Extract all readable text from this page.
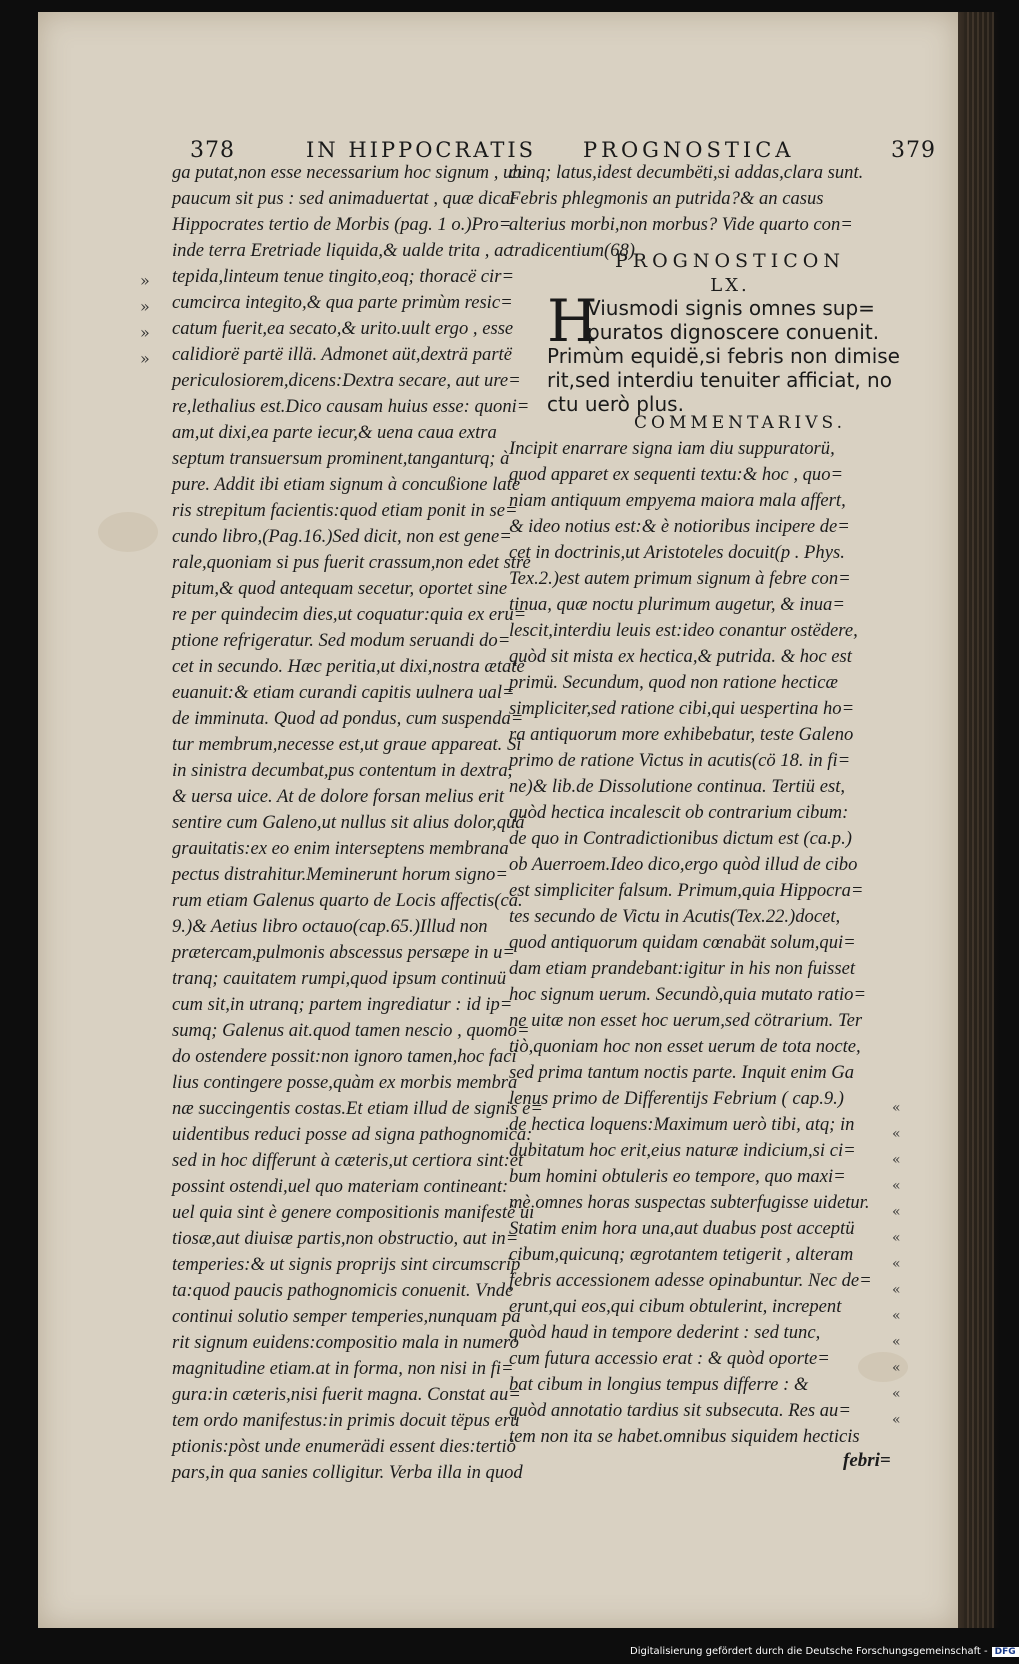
378	IN HIPPOCRATIS PROGNOSTICA	379
ga putat,non esse necessarium hoc signum , ubi
paucum sit pus : sed animaduertat , quæ dicat
Hippocrates tertio de Morbis (pag. 1 o.)Pro=
inde terra Eretriade liquida,& ualde trita , ac
tepida,linteum tenue tingito,eoq; thoracë cir=
cumcirca integito,& qua parte primùm resic=
catum fuerit,ea secato,& urito.uult ergo , esse
calidiorë partë illä. Admonet aüt,dexträ partë
periculosiorem,dicens:Dextra secare, aut ure=
re,lethalius est.Dico causam huius esse: quoni=
am,ut dixi,ea parte iecur,& uena caua extra
septum transuersum prominent,tanganturq; à
pure. Addit ibi etiam signum à concußione late
ris strepitum facientis:quod etiam ponit in se=
cundo libro,(Pag.16.)Sed dicit, non est gene=
rale,quoniam si pus fuerit crassum,non edet stre
pitum,& quod antequam secetur, oportet sine
re per quindecim dies,ut coquatur:quia ex eru=
ptione refrigeratur. Sed modum seruandi do=
cet in secundo. Hæc peritia,ut dixi,nostra ætate
euanuit:& etiam curandi capitis uulnera ual=
de imminuta. Quod ad pondus, cum suspenda=
tur membrum,necesse est,ut graue appareat. Si
in sinistra decumbat,pus contentum in dextra,
& uersa uice. At de dolore forsan melius erit
sentire cum Galeno,ut nullus sit alius dolor,quä
grauitatis:ex eo enim interseptens membrana
pectus distrahitur.Meminerunt horum signo=
rum etiam Galenus quarto de Locis affectis(ca.
9.)& Aetius libro octauo(cap.65.)Illud non
prætercam,pulmonis abscessus persæpe in u=
tranq; cauitatem rumpi,quod ipsum continuü
cum sit,in utranq; partem ingrediatur : id ip=
sumq; Galenus ait.quod tamen nescio , quomo=
do ostendere possit:non ignoro tamen,hoc faci
lius contingere posse,quàm ex morbis membra
næ succingentis costas.Et etiam illud de signis e=
uidentibus reduci posse ad signa pathognomica:
sed in hoc differunt à cæteris,ut certiora sint:et
possint ostendi,uel quo materiam contineant:
uel quia sint è genere compositionis manifestè ui
tiosæ,aut diuisæ partis,non obstructio, aut in=
temperies:& ut signis proprijs sint circumscrip
ta:quod paucis pathognomicis conuenit. Vnde
continui solutio semper temperies,nunquam pa
rit signum euidens:compositio mala in numero
magnitudine etiam.at in forma, non nisi in fi=
gura:in cæteris,nisi fuerit magna. Constat au=
tem ordo manifestus:in primis docuit tëpus eru
ptionis:pòst unde enumerädi essent dies:tertiò
pars,in qua sanies colligitur. Verba illa in quod
»
»
»
»
cunq; latus,idest decumbëti,si addas,clara sunt.
Febris phlegmonis an putrida?& an casus
alterius morbi,non morbus? Vide quarto con=
tradicentium(68).
PROGNOSTICON
LX.
H
Viusmodi signis omnes sup=
puratos dignoscere conuenit.
Primùm equidë,si febris non dimise
rit,sed interdiu tenuiter afficiat, no
ctu uerò plus.
COMMENTARIVS.
Incipit enarrare signa iam diu suppuratorü,
quod apparet ex sequenti textu:& hoc , quo=
niam antiquum empyema maiora mala affert,
& ideo notius est:& è notioribus incipere de=
cet in doctrinis,ut Aristoteles docuit(p . Phys.
Tex.2.)est autem primum signum à febre con=
tinua, quæ noctu plurimum augetur, & inua=
lescit,interdiu leuis est:ideo conantur ostëdere,
quòd sit mista ex hectica,& putrida. & hoc est
primü. Secundum, quod non ratione hecticæ
simpliciter,sed ratione cibi,qui uespertina ho=
ra antiquorum more exhibebatur, teste Galeno
primo de ratione Victus in acutis(cö 18. in fi=
ne)& lib.de Dissolutione continua. Tertiü est,
quòd hectica incalescit ob contrarium cibum:
de quo in Contradictionibus dictum est (ca.p.)
ob Auerroem.Ideo dico,ergo quòd illud de cibo
est simpliciter falsum. Primum,quia Hippocra=
tes secundo de Victu in Acutis(Tex.22.)docet,
quod antiquorum quidam cœnabät solum,qui=
dam etiam prandebant:igitur in his non fuisset
hoc signum uerum. Secundò,quia mutato ratio=
ne uitæ non esset hoc uerum,sed cötrarium. Ter
tiò,quoniam hoc non esset uerum de tota nocte,
sed prima tantum noctis parte. Inquit enim Ga
lenus primo de Differentijs Febrium ( cap.9.)
de hectica loquens:Maximum uerò tibi, atq; in
dubitatum hoc erit,eius naturæ indicium,si ci=
bum homini obtuleris eo tempore, quo maxi=
mè omnes horas suspectas subterfugisse uidetur.
Statim enim hora una,aut duabus post acceptü
cibum,quicunq; ægrotantem tetigerit , alteram
febris accessionem adesse opinabuntur. Nec de=
erunt,qui eos,qui cibum obtulerint, increpent
quòd haud in tempore dederint : sed tunc,
cum futura accessio erat : & quòd oporte=
bat cibum in longius tempus differre : &
quòd annotatio tardius sit subsecuta. Res au=
tem non ita se habet.omnibus siquidem hecticis
«
«
«
«
«
«
«
«
«
«
«
«
«
febri=
Digitalisierung gefördert durch die Deutsche Forschungsgemeinschaft - DFG
